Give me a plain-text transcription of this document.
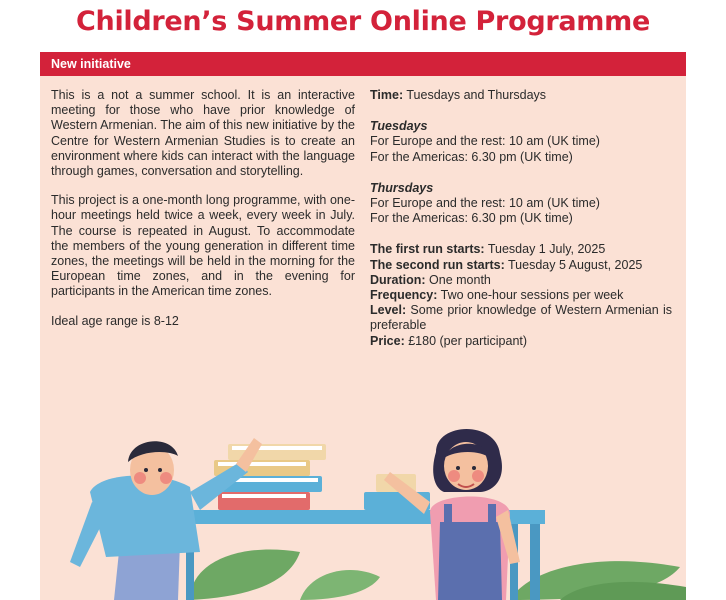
Children’s Summer Online Programme
New initiative

This is a not a summer school. It is an interactive meeting for those who have prior knowledge of Western Armenian. The aim of this new initiative by the Centre for Western Armenian Studies is to create an environment where kids can interact with the language through games, conversation and storytelling.

This project is a one-month long programme, with one-hour meetings held twice a week, every week in July. The course is repeated in August. To accommodate the members of the young generation in different time zones, the meetings will be held in the morning for the European time zones, and in the evening for participants in the American time zones.

Ideal age range is 8-12

Time: Tuesdays and Thursdays
Tuesdays
For Europe and the rest: 10 am (UK time)
For the Americas: 6.30 pm (UK time)
Thursdays
For Europe and the rest: 10 am (UK time)
For the Americas: 6.30 pm (UK time)
The first run starts: Tuesday 1 July, 2025
The second run starts: Tuesday 5 August, 2025
Duration: One month
Frequency: Two one-hour sessions per week
Level: Some prior knowledge of Western Armenian is preferable
Price: £180 (per participant)
